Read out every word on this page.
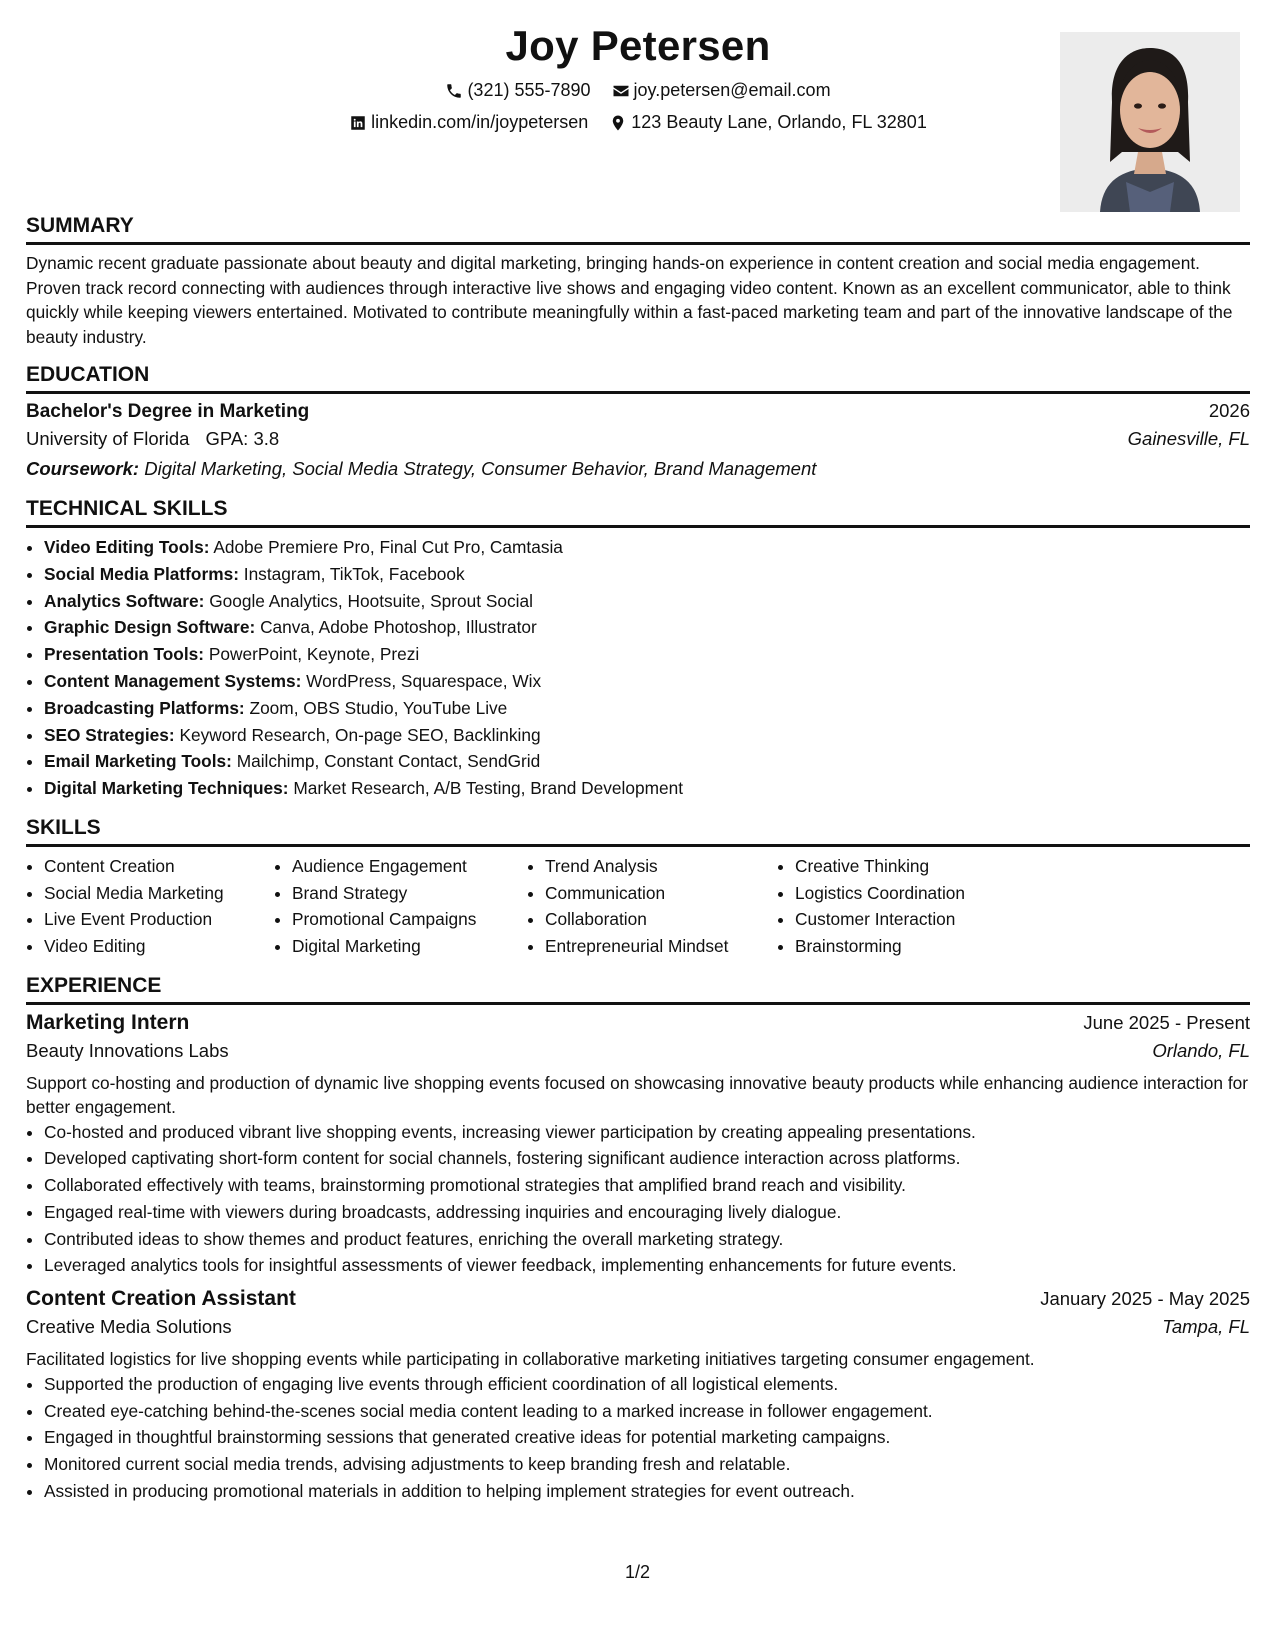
Joy Petersen
(321) 555-7890
joy.petersen@email.com
linkedin.com/in/joypetersen
123 Beauty Lane, Orlando, FL 32801
SUMMARY

Dynamic recent graduate passionate about beauty and digital marketing, bringing hands-on experience in content creation and social media engagement. Proven track record connecting with audiences through interactive live shows and engaging video content. Known as an excellent communicator, able to think quickly while keeping viewers entertained. Motivated to contribute meaningfully within a fast-paced marketing team and part of the innovative landscape of the beauty industry.

EDUCATION
Bachelor's Degree in Marketing	2026
University of Florida GPA: 3.8	Gainesville, FL
Coursework: Digital Marketing, Social Media Strategy, Consumer Behavior, Brand Management
TECHNICAL SKILLS
• Video Editing Tools: Adobe Premiere Pro, Final Cut Pro, Camtasia
• Social Media Platforms: Instagram, TikTok, Facebook
• Analytics Software: Google Analytics, Hootsuite, Sprout Social
• Graphic Design Software: Canva, Adobe Photoshop, Illustrator
• Presentation Tools: PowerPoint, Keynote, Prezi
• Content Management Systems: WordPress, Squarespace, Wix
• Broadcasting Platforms: Zoom, OBS Studio, YouTube Live
• SEO Strategies: Keyword Research, On-page SEO, Backlinking
• Email Marketing Tools: Mailchimp, Constant Contact, SendGrid
• Digital Marketing Techniques: Market Research, A/B Testing, Brand Development
SKILLS
• Content Creation
• Social Media Marketing
• Live Event Production
• Video Editing
• Audience Engagement
• Brand Strategy
• Promotional Campaigns
• Digital Marketing
• Trend Analysis
• Communication
• Collaboration
• Entrepreneurial Mindset
• Creative Thinking
• Logistics Coordination
• Customer Interaction
• Brainstorming
EXPERIENCE
Marketing Intern	June 2025 - Present
Beauty Innovations Labs	Orlando, FL
Support co-hosting and production of dynamic live shopping events focused on showcasing innovative beauty products while enhancing audience interaction for better engagement.
• Co-hosted and produced vibrant live shopping events, increasing viewer participation by creating appealing presentations.
• Developed captivating short-form content for social channels, fostering significant audience interaction across platforms.
• Collaborated effectively with teams, brainstorming promotional strategies that amplified brand reach and visibility.
• Engaged real-time with viewers during broadcasts, addressing inquiries and encouraging lively dialogue.
• Contributed ideas to show themes and product features, enriching the overall marketing strategy.
• Leveraged analytics tools for insightful assessments of viewer feedback, implementing enhancements for future events.
Content Creation Assistant	January 2025 - May 2025
Creative Media Solutions	Tampa, FL
Facilitated logistics for live shopping events while participating in collaborative marketing initiatives targeting consumer engagement.
• Supported the production of engaging live events through efficient coordination of all logistical elements.
• Created eye-catching behind-the-scenes social media content leading to a marked increase in follower engagement.
• Engaged in thoughtful brainstorming sessions that generated creative ideas for potential marketing campaigns.
• Monitored current social media trends, advising adjustments to keep branding fresh and relatable.
• Assisted in producing promotional materials in addition to helping implement strategies for event outreach.
1/2
